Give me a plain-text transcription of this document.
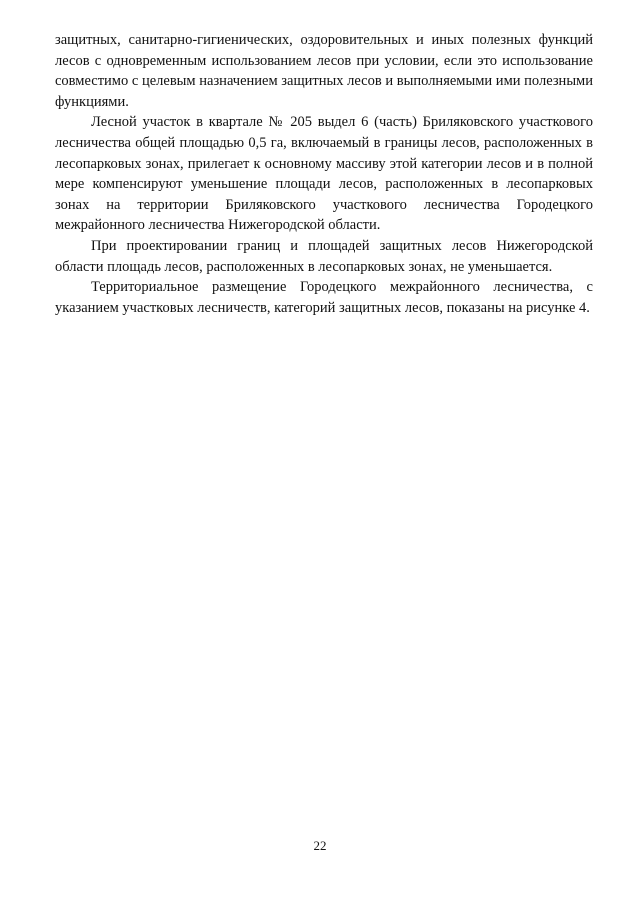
защитных, санитарно-гигиенических, оздоровительных и иных полезных функций лесов с одновременным использованием лесов при условии, если это использование совместимо с целевым назначением защитных лесов и выполняемыми ими полезными функциями.

Лесной участок в квартале № 205 выдел 6 (часть) Бриляковского участкового лесничества общей площадью 0,5 га, включаемый в границы лесов, расположенных в лесопарковых зонах, прилегает к основному массиву этой категории лесов и в полной мере компенсируют уменьшение площади лесов, расположенных в лесопарковых зонах на территории Бриляковского участкового лесничества Городецкого межрайонного лесничества Нижегородской области.

При проектировании границ и площадей защитных лесов Нижегородской области площадь лесов, расположенных в лесопарковых зонах, не уменьшается.

Территориальное размещение Городецкого межрайонного лесничества, с указанием участковых лесничеств, категорий защитных лесов, показаны на рисунке 4.

22
